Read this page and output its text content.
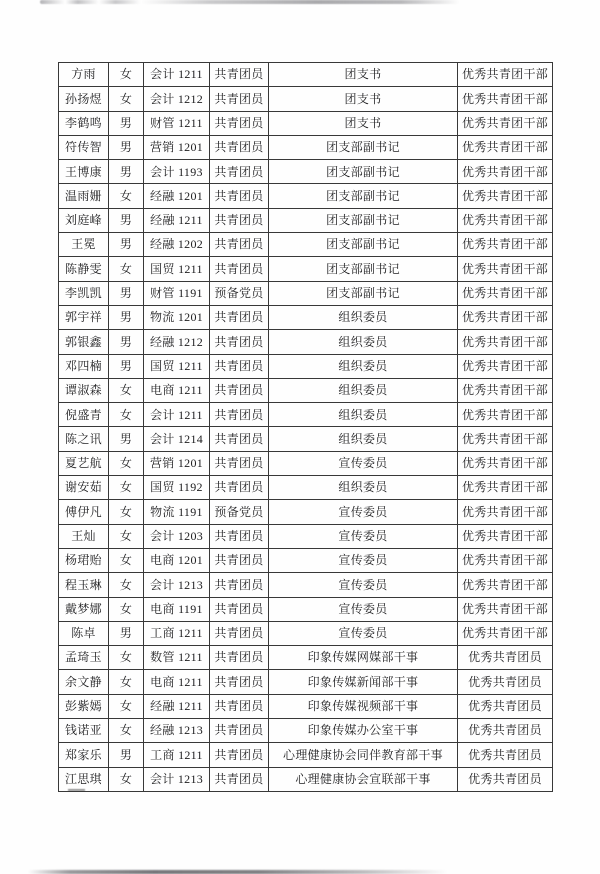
方雨	女	会计 1211	共青团员	团支书	优秀共青团干部
孙扬煜	女	会计 1212	共青团员	团支书	优秀共青团干部
李鹤鸣	男	财管 1211	共青团员	团支书	优秀共青团干部
符传智	男	营销 1201	共青团员	团支部副书记	优秀共青团干部
王博康	男	会计 1193	共青团员	团支部副书记	优秀共青团干部
温雨姗	女	经融 1201	共青团员	团支部副书记	优秀共青团干部
刘庭峰	男	经融 1211	共青团员	团支部副书记	优秀共青团干部
王冕	男	经融 1202	共青团员	团支部副书记	优秀共青团干部
陈静雯	女	国贸 1211	共青团员	团支部副书记	优秀共青团干部
李凯凯	男	财管 1191	预备党员	团支部副书记	优秀共青团干部
郭宇祥	男	物流 1201	共青团员	组织委员	优秀共青团干部
郭银鑫	男	经融 1212	共青团员	组织委员	优秀共青团干部
邓四楠	男	国贸 1211	共青团员	组织委员	优秀共青团干部
谭淑森	女	电商 1211	共青团员	组织委员	优秀共青团干部
倪盛青	女	会计 1211	共青团员	组织委员	优秀共青团干部
陈之讯	男	会计 1214	共青团员	组织委员	优秀共青团干部
夏艺航	女	营销 1201	共青团员	宣传委员	优秀共青团干部
谢安茹	女	国贸 1192	共青团员	组织委员	优秀共青团干部
傅伊凡	女	物流 1191	预备党员	宣传委员	优秀共青团干部
王灿	女	会计 1203	共青团员	宣传委员	优秀共青团干部
杨珺贻	女	电商 1201	共青团员	宣传委员	优秀共青团干部
程玉琳	女	会计 1213	共青团员	宣传委员	优秀共青团干部
戴梦娜	女	电商 1191	共青团员	宣传委员	优秀共青团干部
陈卓	男	工商 1211	共青团员	宣传委员	优秀共青团干部
孟琦玉	女	数管 1211	共青团员	印象传媒网媒部干事	优秀共青团员
余文静	女	电商 1211	共青团员	印象传媒新闻部干事	优秀共青团员
彭紫嫣	女	经融 1211	共青团员	印象传媒视频部干事	优秀共青团员
钱诺亚	女	经融 1213	共青团员	印象传媒办公室干事	优秀共青团员
郑家乐	男	工商 1211	共青团员	心理健康协会同伴教育部干事	优秀共青团员
江思琪	女	会计 1213	共青团员	心理健康协会宣联部干事	优秀共青团员
